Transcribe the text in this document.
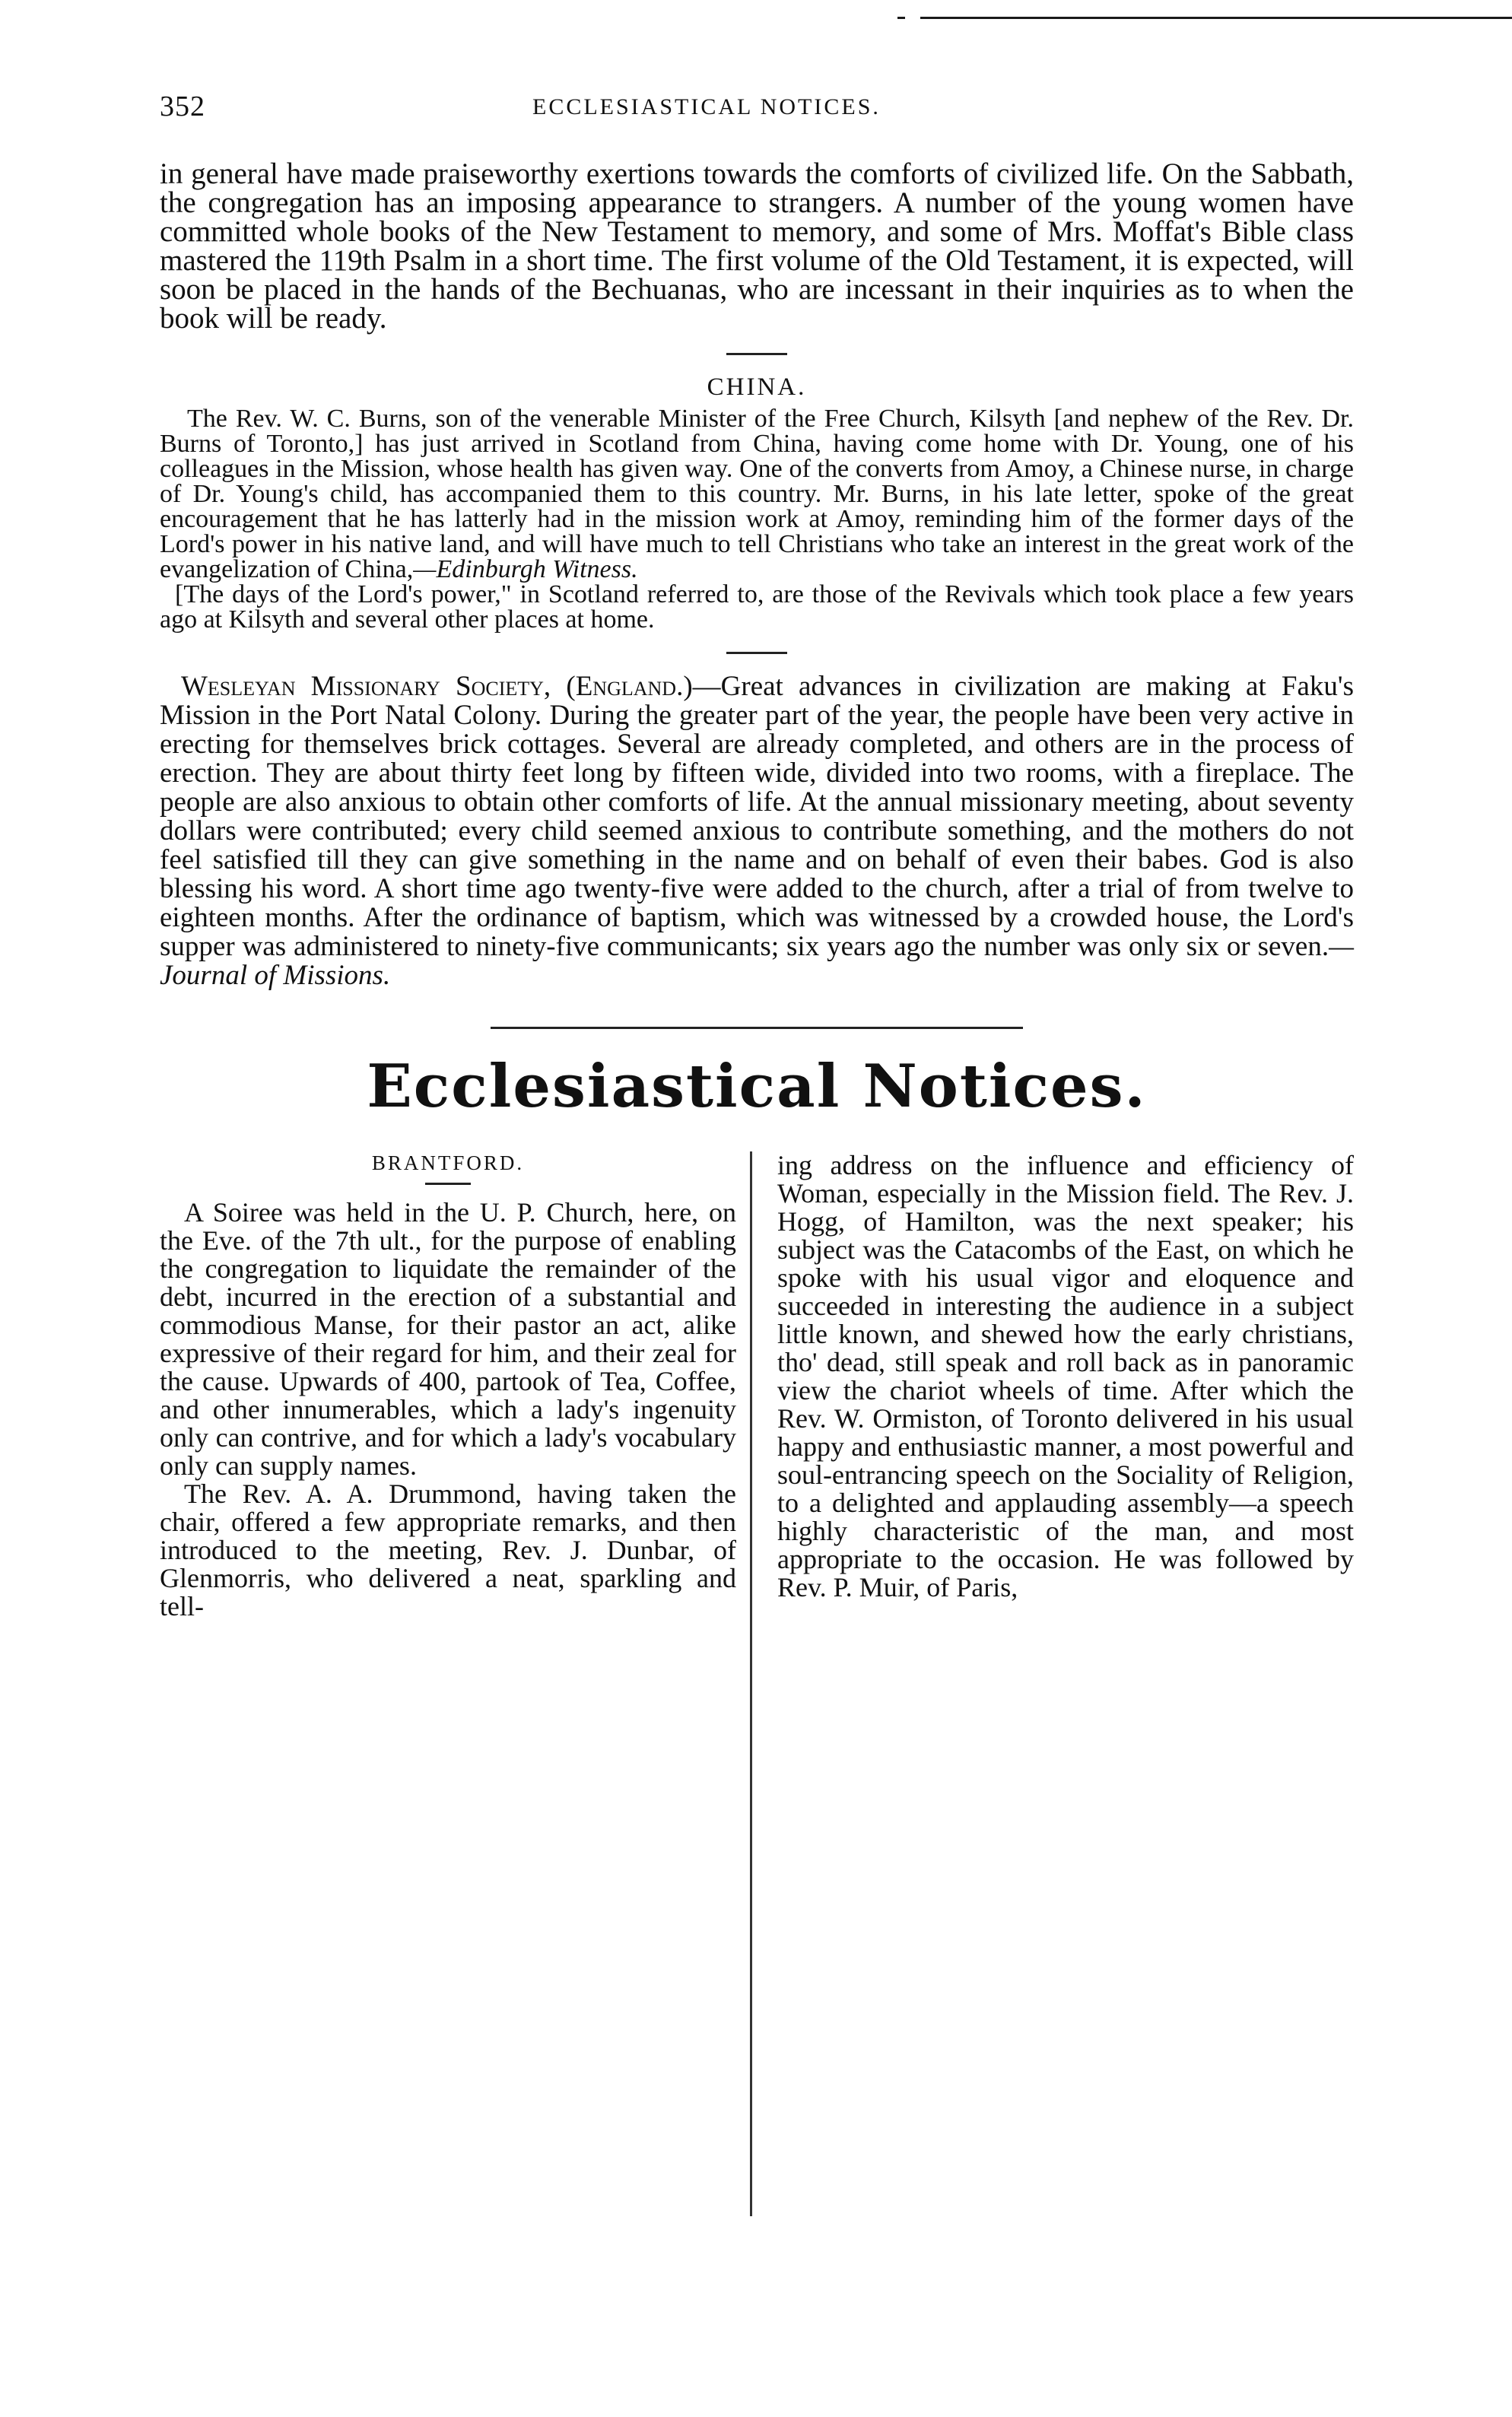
352	ECCLESIASTICAL NOTICES.

in general have made praiseworthy exertions towards the comforts of civilized life. On the Sabbath, the congregation has an imposing appearance to strangers. A number of the young women have committed whole books of the New Testament to memory, and some of Mrs. Moffat's Bible class mastered the 119th Psalm in a short time. The first volume of the Old Testament, it is expected, will soon be placed in the hands of the Bechuanas, who are incessant in their inquiries as to when the book will be ready.

CHINA.

The Rev. W. C. Burns, son of the venerable Minister of the Free Church, Kilsyth [and nephew of the Rev. Dr. Burns of Toronto,] has just arrived in Scotland from China, having come home with Dr. Young, one of his colleagues in the Mission, whose health has given way. One of the converts from Amoy, a Chinese nurse, in charge of Dr. Young's child, has accompanied them to this country. Mr. Burns, in his late letter, spoke of the great encouragement that he has latterly had in the mission work at Amoy, reminding him of the former days of the Lord's power in his native land, and will have much to tell Christians who take an interest in the great work of the evangelization of China,—Edinburgh Witness.

[The days of the Lord's power," in Scotland referred to, are those of the Revivals which took place a few years ago at Kilsyth and several other places at home.

Wesleyan Missionary Society, (England.)—Great advances in civilization are making at Faku's Mission in the Port Natal Colony. During the greater part of the year, the people have been very active in erecting for themselves brick cottages. Several are already completed, and others are in the process of erection. They are about thirty feet long by fifteen wide, divided into two rooms, with a fireplace. The people are also anxious to obtain other comforts of life. At the annual missionary meeting, about seventy dollars were contributed; every child seemed anxious to contribute something, and the mothers do not feel satisfied till they can give something in the name and on behalf of even their babes. God is also blessing his word. A short time ago twenty-five were added to the church, after a trial of from twelve to eighteen months. After the ordinance of baptism, which was witnessed by a crowded house, the Lord's supper was administered to ninety-five communicants; six years ago the number was only six or seven.—Journal of Missions.

Ecclesiastical Notices.
BRANTFORD.

A Soiree was held in the U. P. Church, here, on the Eve. of the 7th ult., for the purpose of enabling the congregation to liquidate the remainder of the debt, incurred in the erection of a substantial and commodious Manse, for their pastor an act, alike expressive of their regard for him, and their zeal for the cause. Upwards of 400, partook of Tea, Coffee, and other innumerables, which a lady's ingenuity only can contrive, and for which a lady's vocabulary only can supply names.

The Rev. A. A. Drummond, having taken the chair, offered a few appropriate remarks, and then introduced to the meeting, Rev. J. Dunbar, of Glenmorris, who delivered a neat, sparkling and tell-

ing address on the influence and efficiency of Woman, especially in the Mission field. The Rev. J. Hogg, of Hamilton, was the next speaker; his subject was the Catacombs of the East, on which he spoke with his usual vigor and eloquence and succeeded in interesting the audience in a subject little known, and shewed how the early christians, tho' dead, still speak and roll back as in panoramic view the chariot wheels of time. After which the Rev. W. Ormiston, of Toronto delivered in his usual happy and enthusiastic manner, a most powerful and soul-entrancing speech on the Sociality of Religion, to a delighted and applauding assembly—a speech highly characteristic of the man, and most appropriate to the occasion. He was followed by Rev. P. Muir, of Paris,
